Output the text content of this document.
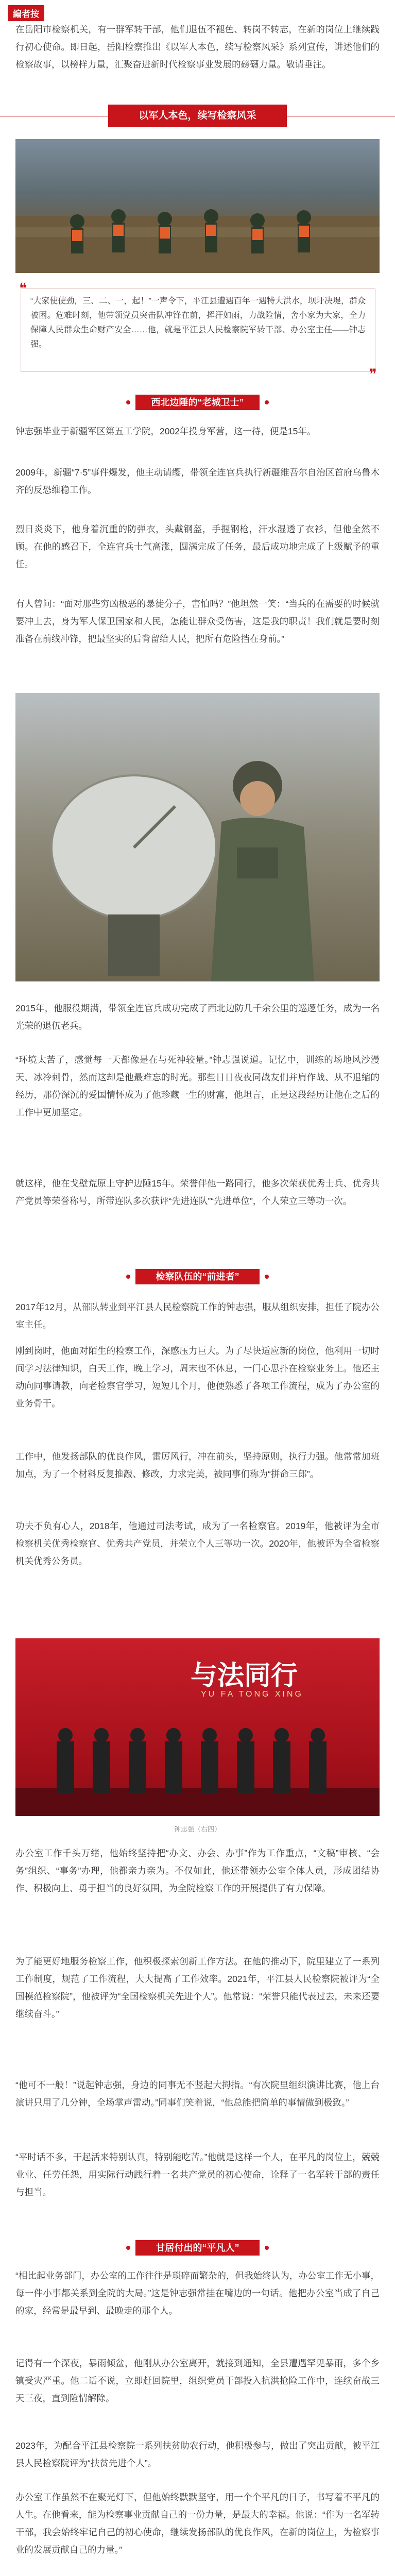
編者按

在岳阳市检察机关，有一群军转干部，他们退伍不褪色、转岗不转志，在新的岗位上继续践行初心使命。即日起，岳阳检察推出《以军人本色，续写检察风采》系列宣传，讲述他们的检察故事，以榜样力量，汇聚奋进新时代检察事业发展的磅礴力量。敬请垂注。

以军人本色，续写检察风采
❝
❞

“大家使使劲，三、二、一，起！”一声令下，平江县遭遇百年一遇特大洪水，坝圩决堤，群众被困。危难时刻，他带领党员突击队冲锋在前，挥汗如雨，力战险情，舍小家为大家，全力保障人民群众生命财产安全……他，就是平江县人民检察院军转干部、办公室主任——钟志强。

西北边陲的“老城卫士”

钟志强毕业于新疆军区第五工学院，2002年投身军营，这一待，便是15年。

2009年，新疆“7·5”事件爆发，他主动请缨，带领全连官兵执行新疆维吾尔自治区首府乌鲁木齐的反恐维稳工作。

烈日炎炎下，他身着沉重的防弹衣，头戴钢盔，手握钢枪，汗水湿透了衣衫，但他全然不顾。在他的感召下，全连官兵士气高涨，圆满完成了任务，最后成功地完成了上级赋予的重任。

有人曾问：“面对那些穷凶极恶的暴徒分子，害怕吗？”他坦然一笑：“当兵的在需要的时候就要冲上去，身为军人保卫国家和人民，怎能让群众受伤害，这是我的职责！我们就是要时刻准备在前线冲锋，把最坚实的后背留给人民，把所有危险挡在身前。”

2015年，他服役期满，带领全连官兵成功完成了西北边防几千余公里的巡逻任务，成为一名光荣的退伍老兵。

“环境太苦了，感觉每一天都像是在与死神较量。”钟志强说道。记忆中，训练的场地风沙漫天、冰冷刺骨，然而这却是他最难忘的时光。那些日日夜夜同战友们并肩作战、从不退缩的经历，那份深沉的爱国情怀成为了他珍藏一生的财富，他坦言，正是这段经历让他在之后的工作中更加坚定。

就这样，他在戈壁荒原上守护边陲15年。荣誉伴他一路同行，他多次荣获优秀士兵、优秀共产党员等荣誉称号，所带连队多次获评“先进连队”“先进单位”，个人荣立三等功一次。

检察队伍的“前进者”

2017年12月，从部队转业到平江县人民检察院工作的钟志强，服从组织安排，担任了院办公室主任。

刚到岗时，他面对陌生的检察工作，深感压力巨大。为了尽快适应新的岗位，他利用一切时间学习法律知识，白天工作，晚上学习，周末也不休息，一门心思扑在检察业务上。他还主动向同事请教，向老检察官学习，短短几个月，他便熟悉了各项工作流程，成为了办公室的业务骨干。

工作中，他发扬部队的优良作风，雷厉风行，冲在前头，坚持原则，执行力强。他常常加班加点，为了一个材料反复推敲、修改，力求完美，被同事们称为“拼命三郎”。

功夫不负有心人，2018年，他通过司法考试，成为了一名检察官。2019年，他被评为全市检察机关优秀检察官、优秀共产党员，并荣立个人三等功一次。2020年，他被评为全省检察机关优秀公务员。

与法同行
YU FA TONG XING
钟志强（右四）

办公室工作千头万绪，他始终坚持把“办文、办会、办事”作为工作重点，“文稿”审核、“会务”组织、“事务”办理，他都亲力亲为。不仅如此，他还带领办公室全体人员，形成团结协作、积极向上、勇于担当的良好氛围，为全院检察工作的开展提供了有力保障。

为了能更好地服务检察工作，他积极探索创新工作方法。在他的推动下，院里建立了一系列工作制度，规范了工作流程，大大提高了工作效率。2021年，平江县人民检察院被评为“全国模范检察院”，他被评为“全国检察机关先进个人”。他常说：“荣誉只能代表过去，未来还要继续奋斗。”

“他可不一般！”说起钟志强，身边的同事无不竖起大拇指。“有次院里组织演讲比赛，他上台演讲只用了几分钟，全场掌声雷动。”同事们笑着说，“他总能把简单的事情做到极致。”

“平时话不多，干起活来特别认真，特别能吃苦。”他就是这样一个人，在平凡的岗位上，兢兢业业、任劳任怨，用实际行动践行着一名共产党员的初心使命，诠释了一名军转干部的责任与担当。

甘居付出的“平凡人”

“相比起业务部门，办公室的工作往往是琐碎而繁杂的，但我始终认为，办公室工作无小事，每一件小事都关系到全院的大局。”这是钟志强常挂在嘴边的一句话。他把办公室当成了自己的家，经常是最早到、最晚走的那个人。

记得有一个深夜，暴雨倾盆，他刚从办公室离开，就接到通知，全县遭遇罕见暴雨，多个乡镇受灾严重。他二话不说，立即赶回院里，组织党员干部投入抗洪抢险工作中，连续奋战三天三夜，直到险情解除。

2023年，为配合平江县检察院一系列扶贫助农行动，他积极参与，做出了突出贡献，被平江县人民检察院评为“扶贫先进个人”。

办公室工作虽然不在聚光灯下，但他始终默默坚守，用一个个平凡的日子，书写着不平凡的人生。在他看来，能为检察事业贡献自己的一份力量，是最大的幸福。他说：“作为一名军转干部，我会始终牢记自己的初心使命，继续发扬部队的优良作风，在新的岗位上，为检察事业的发展贡献自己的力量。”
